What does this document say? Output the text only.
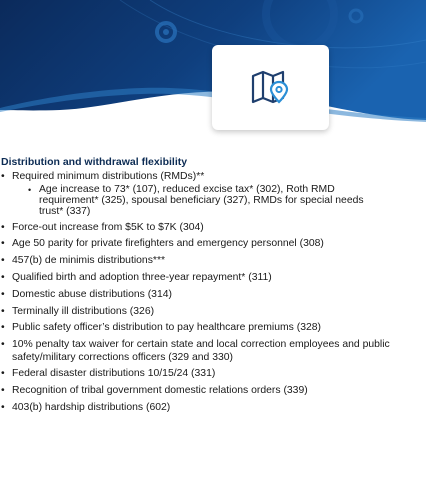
Distribution and withdrawal flexibility
• Required minimum distributions (RMDs)**
• Age increase to 73* (107), reduced excise tax* (302), Roth RMD requirement* (325), spousal beneficiary (327), RMDs for special needs trust* (337)
• Force-out increase from $5K to $7K (304)
• Age 50 parity for private firefighters and emergency personnel (308)
• 457(b) de minimis distributions***
• Qualified birth and adoption three-year repayment* (311)
• Domestic abuse distributions (314)
• Terminally ill distributions (326)
• Public safety officer’s distribution to pay healthcare premiums (328)
• 10% penalty tax waiver for certain state and local correction employees and public safety/military corrections officers (329 and 330)
• Federal disaster distributions 10/15/24 (331)
• Recognition of tribal government domestic relations orders (339)
• 403(b) hardship distributions (602)
